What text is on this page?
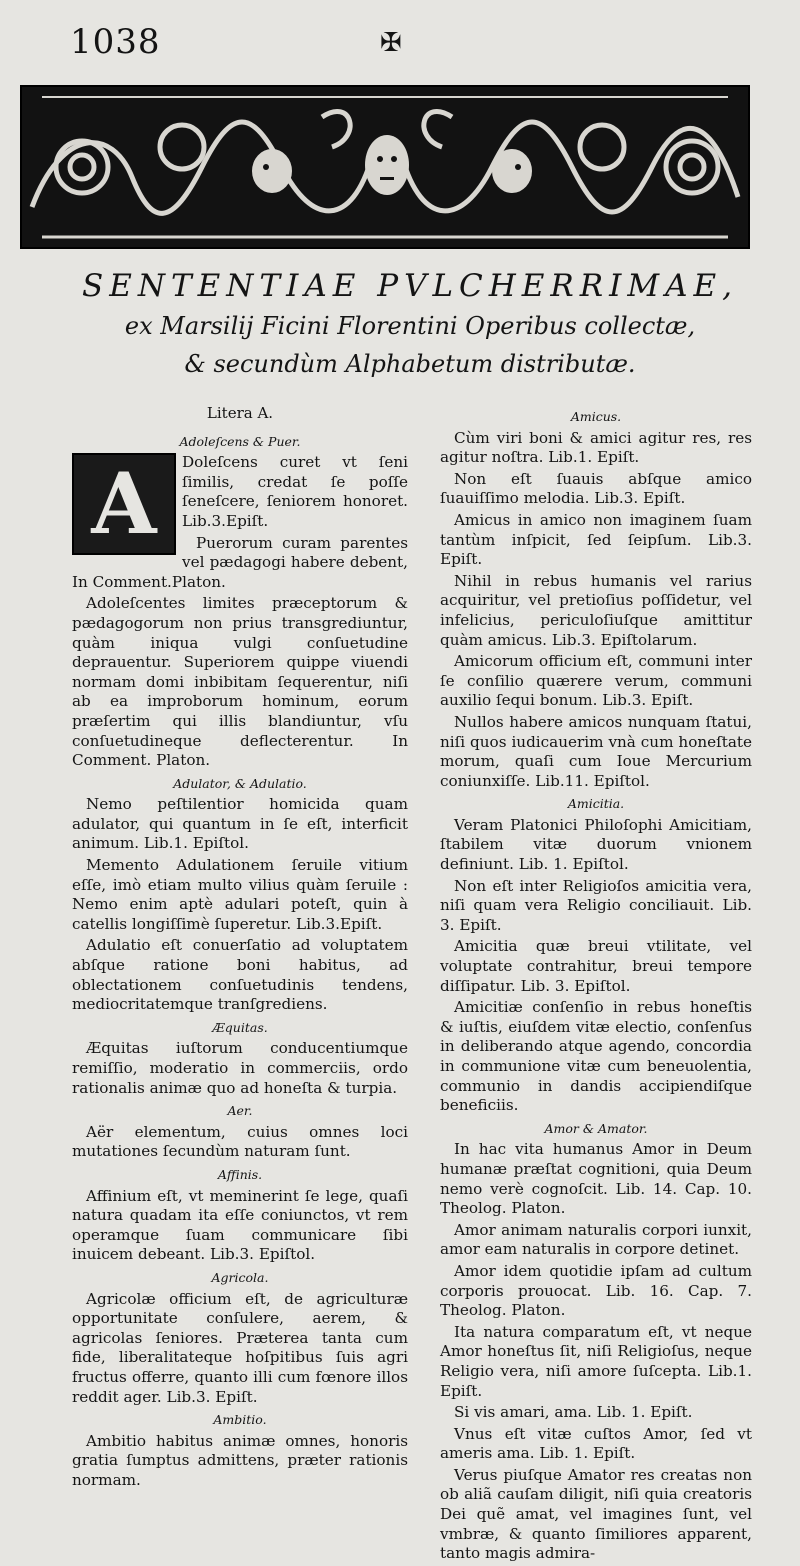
1038	✠
SENTENTIAE PVLCHERRIMAE,
ex Marsilij Ficini Florentini Operibus collectæ,
& secundùm Alphabetum distributæ.
Litera A.
Adoleſcens & Puer.
A	Doleſcens curet vt ſeni ſimilis, credat ſe poſſe ſeneſcere, ſeniorem honoret. Lib.3.Epiſt.

Puerorum curam parentes vel pædagogi habere debent, In Comment.Platon.

Adoleſcentes limites præceptorum & pædagogorum non prius transgrediuntur, quàm iniqua vulgi conſuetudine deprauentur. Superiorem quippe viuendi normam domi inbibitam ſequerentur, niſi ab ea improborum hominum, eorum præſertim qui illis blandiuntur, vſu conſuetudineque deflecterentur. In Comment. Platon.

Adulator, & Adulatio.

Nemo peſtilentior homicida quam adulator, qui quantum in ſe eſt, interficit animum. Lib.1. Epiſtol.

Memento Adulationem ſeruile vitium eſſe, imò etiam multo vilius quàm ſeruile : Nemo enim aptè adulari poteſt, quin à catellis longiſſimè ſuperetur. Lib.3.Epiſt.

Adulatio eſt conuerſatio ad voluptatem abſque ratione boni habitus, ad oblectationem conſuetudinis tendens, mediocritatemque tranſgrediens.

Æquitas.

Æquitas iuſtorum conducentiumque remiſſio, moderatio in commerciis, ordo rationalis animæ quo ad honeſta & turpia.

Aer.

Aër elementum, cuius omnes loci mutationes ſecundùm naturam ſunt.

Affinis.

Affinium eſt, vt meminerint ſe lege, quaſi natura quadam ita eſſe coniunctos, vt rem operamque ſuam communicare ſibi inuicem debeant. Lib.3. Epiſtol.

Agricola.

Agricolæ officium eſt, de agriculturæ opportunitate conſulere, aerem, & agricolas ſeniores. Præterea tanta cum fide, liberalitateque hoſpitibus ſuis agri fructus offerre, quanto illi cum fœnore illos reddit ager. Lib.3. Epiſt.

Ambitio.

Ambitio habitus animæ omnes, honoris gratia ſumptus admittens, præter rationis normam.

Amicus.

Cùm viri boni & amici agitur res, res agitur noſtra. Lib.1. Epiſt.

Non eſt ſuauis abſque amico ſuauiſſimo melodia. Lib.3. Epiſt.

Amicus in amico non imaginem ſuam tantùm inſpicit, ſed ſeipſum. Lib.3. Epiſt.

Nihil in rebus humanis vel rarius acquiritur, vel pretioſius poſſidetur, vel infelicius, periculoſiuſque amittitur quàm amicus. Lib.3. Epiſtolarum.

Amicorum officium eſt, communi inter ſe conſilio quærere verum, communi auxilio ſequi bonum. Lib.3. Epiſt.

Nullos habere amicos nunquam ſtatui, niſi quos iudicauerim vnà cum honeſtate morum, quaſi cum Ioue Mercurium coniunxiſſe. Lib.11. Epiſtol.

Amicitia.

Veram Platonici Philoſophi Amicitiam, ſtabilem vitæ duorum vnionem definiunt. Lib. 1. Epiſtol.

Non eſt inter Religioſos amicitia vera, niſi quam vera Religio conciliauit. Lib. 3. Epiſt.

Amicitia quæ breui vtilitate, vel voluptate contrahitur, breui tempore diſſipatur. Lib. 3. Epiſtol.

Amicitiæ conſenſio in rebus honeſtis & iuſtis, eiuſdem vitæ electio, conſenſus in deliberando atque agendo, concordia in communione vitæ cum beneuolentia, communio in dandis accipiendiſque beneficiis.

Amor & Amator.

In hac vita humanus Amor in Deum humanæ præſtat cognitioni, quia Deum nemo verè cognoſcit. Lib. 14. Cap. 10. Theolog. Platon.

Amor animam naturalis corpori iunxit, amor eam naturalis in corpore detinet.

Amor idem quotidie ipſam ad cultum corporis prouocat. Lib. 16. Cap. 7. Theolog. Platon.

Ita natura comparatum eſt, vt neque Amor honeſtus ſit, niſi Religioſus, neque Religio vera, niſi amore ſuſcepta. Lib.1. Epiſt.

Si vis amari, ama. Lib. 1. Epiſt.

Vnus eſt vitæ cuſtos Amor, ſed vt ameris ama. Lib. 1. Epiſt.

Verus piuſque Amator res creatas non ob aliã cauſam diligit, niſi quia creatoris Dei quẽ amat, vel imagines ſunt, vel vmbræ, & quanto ſimiliores apparent, tanto magis admira-
